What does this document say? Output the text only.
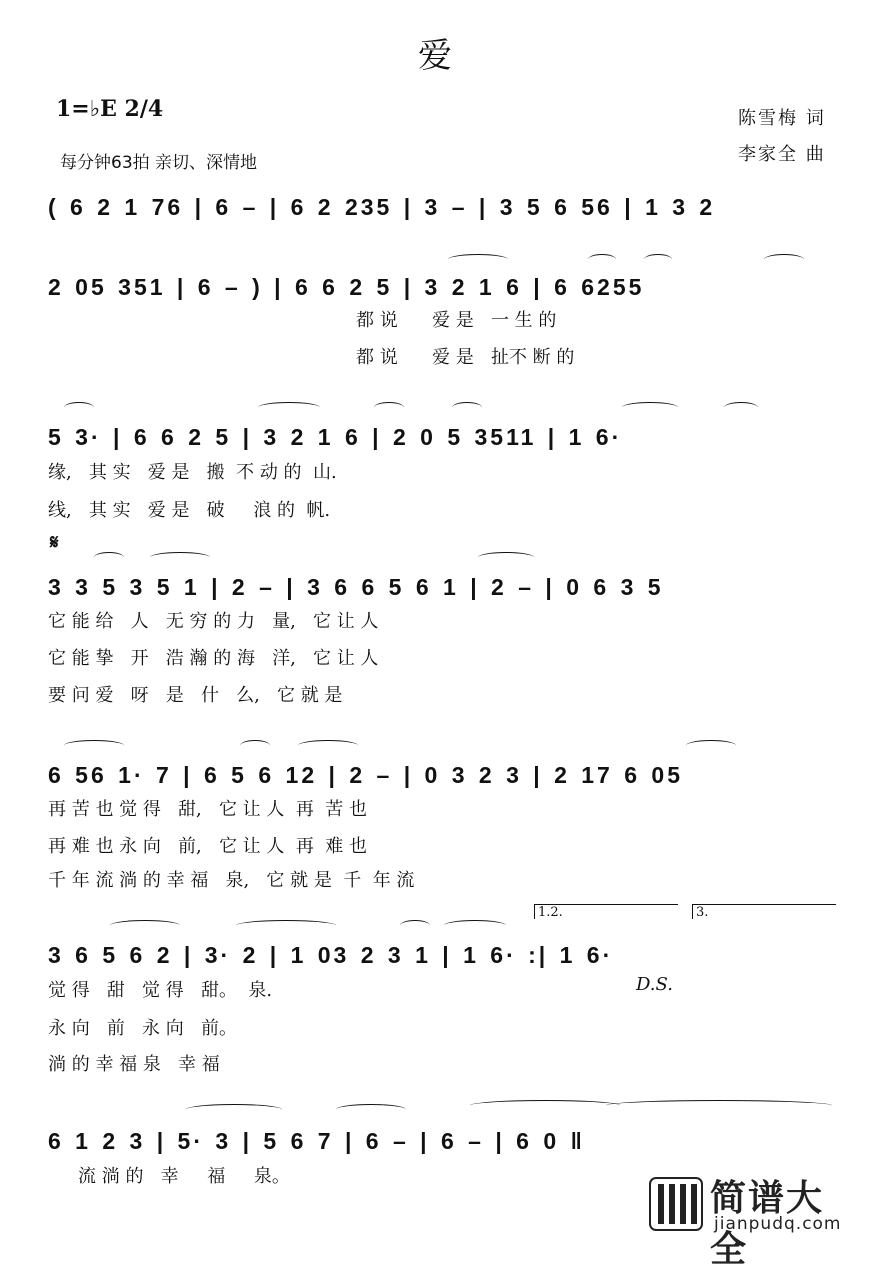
爱
1=♭E 2/4
每分钟63拍 亲切、深情地
陈雪梅 词
李家全 曲
( 6 2 1 76 | 6 – | 6 2 235 | 3 – | 3 5 6 56 | 1 3 2
2 05 351 | 6 – ) | 6 6 2 5 | 3 2 1 6 | 6 6255
都 说      爱 是   一 生 的
都 说      爱 是   扯不 断 的
5 3· | 6 6 2 5 | 3 2 1 6 | 2 0 5 3511 | 1 6·
缘,   其 实   爱 是   搬  不 动 的  山.
线,   其 实   爱 是   破     浪 的  帆.
𝄋
3 3 5 3 5 1 | 2 – | 3 6 6 5 6 1 | 2 – | 0 6 3 5
它 能 给   人   无 穷 的 力   量,   它 让 人
它 能 挚   开   浩 瀚 的 海   洋,   它 让 人
要 问 爱   呀   是   什   么,   它 就 是
6 56 1· 7 | 6 5 6 12 | 2 – | 0 3 2 3 | 2 17 6 05
再 苦 也 觉 得   甜,   它 让 人  再  苦 也
再 难 也 永 向   前,   它 让 人  再  难 也
千 年 流 淌 的 幸 福   泉,   它 就 是  千  年 流
1.2.	3.
3 6 5 6 2 | 3· 2 | 1 03 2 3 1 | 1 6· :| 1 6·
觉 得   甜   觉 得   甜。  泉.	D.S.
永 向   前   永 向   前。
淌 的 幸 福 泉   幸 福
6 1 2 3 | 5· 3 | 5 6 7 | 6 – | 6 – | 6 0 ‖
流 淌 的   幸     福     泉。
简谱大全
jianpudq.com
